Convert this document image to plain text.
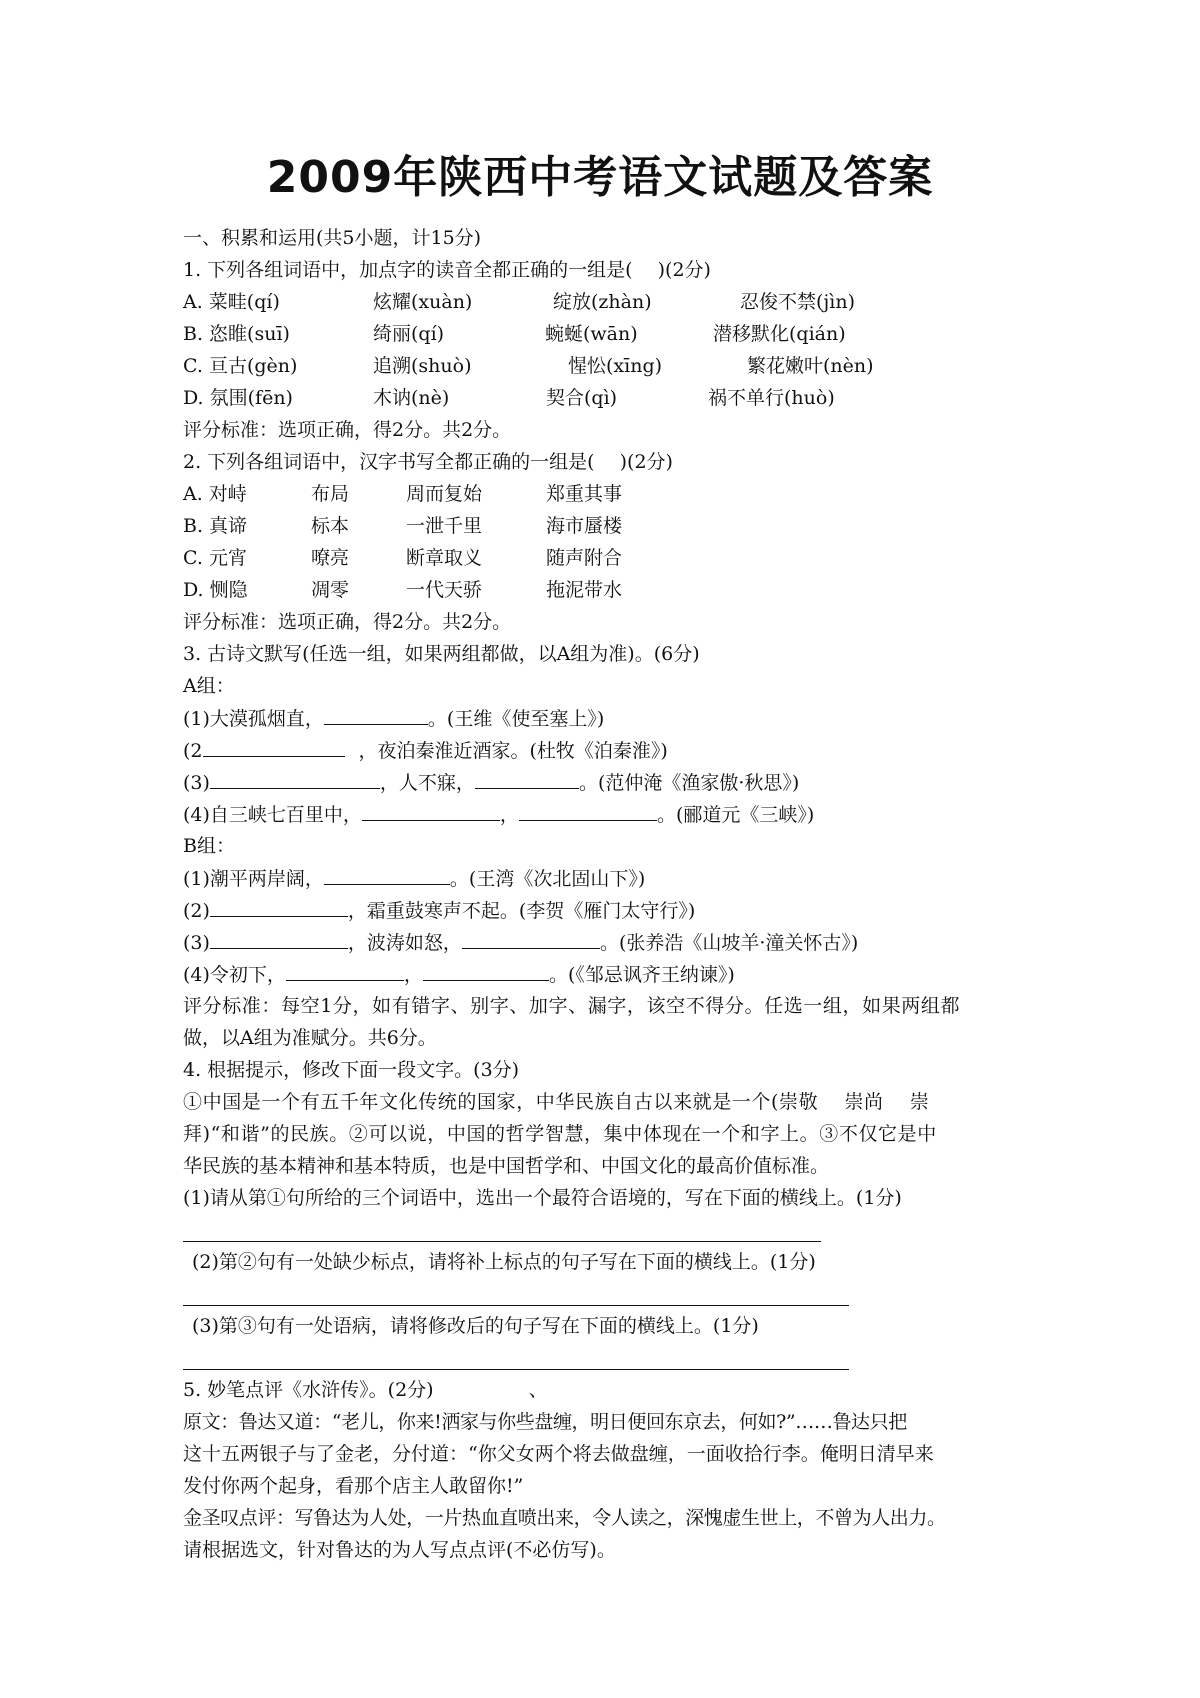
2009年陕西中考语文试题及答案
一、积累和运用(共5小题，计15分)
1. 下列各组词语中，加点字的读音全都正确的一组是(　 )(2分)
A. 菜畦(qí)	炫耀(xuàn)	绽放(zhàn)	忍俊不禁(jìn)
B. 恣睢(suī)	绮丽(qí)	蜿蜒(wān)	潜移默化(qián)
C. 亘古(gèn)	追溯(shuò)	惺忪(xīng)	繁花嫩叶(nèn)
D. 氛围(fēn)	木讷(nè)	契合(qì)	祸不单行(huò)
评分标准：选项正确，得2分。共2分。
2. 下列各组词语中，汉字书写全都正确的一组是(　 )(2分)
A. 对峙	布局	周而复始	郑重其事
B. 真谛	标本	一泄千里	海市蜃楼
C. 元宵	嘹亮	断章取义	随声附合
D. 恻隐	凋零	一代天骄	拖泥带水
评分标准：选项正确，得2分。共2分。
3. 古诗文默写(任选一组，如果两组都做，以A组为准)。(6分)
A组：
(1)大漠孤烟直，	。(王维《使至塞上》)
(2	，夜泊秦淮近酒家。(杜牧《泊秦淮》)
(3)	，人不寐，	。(范仲淹《渔家傲·秋思》)
(4)自三峡七百里中，	，	。(郦道元《三峡》)
B组：
(1)潮平两岸阔，	。(王湾《次北固山下》)
(2)	，霜重鼓寒声不起。(李贺《雁门太守行》)
(3)	，波涛如怒，	。(张养浩《山坡羊·潼关怀古》)
(4)令初下，	，	。(《邹忌讽齐王纳谏》)
评分标准：每空1分，如有错字、别字、加字、漏字，该空不得分。任选一组，如果两组都
做，以A组为准赋分。共6分。
4. 根据提示，修改下面一段文字。(3分)
①中国是一个有五千年文化传统的国家，中华民族自古以来就是一个(崇敬　 崇尚　 崇
拜)“和谐”的民族。②可以说，中国的哲学智慧，集中体现在一个和字上。③不仅它是中
华民族的基本精神和基本特质，也是中国哲学和、中国文化的最高价值标准。
(1)请从第①句所给的三个词语中，选出一个最符合语境的，写在下面的横线上。(1分)
(2)第②句有一处缺少标点，请将补上标点的句子写在下面的横线上。(1分)
(3)第③句有一处语病，请将修改后的句子写在下面的横线上。(1分)
5. 妙笔点评《水浒传》。(2分)　　　　　、
原文：鲁达又道：“老儿，你来!洒家与你些盘缠，明日便回东京去，何如?”……鲁达只把
这十五两银子与了金老，分付道：“你父女两个将去做盘缠，一面收拾行李。俺明日清早来
发付你两个起身，看那个店主人敢留你!”
金圣叹点评：写鲁达为人处，一片热血直喷出来，令人读之，深愧虚生世上，不曾为人出力。
请根据选文，针对鲁达的为人写点点评(不必仿写)。
